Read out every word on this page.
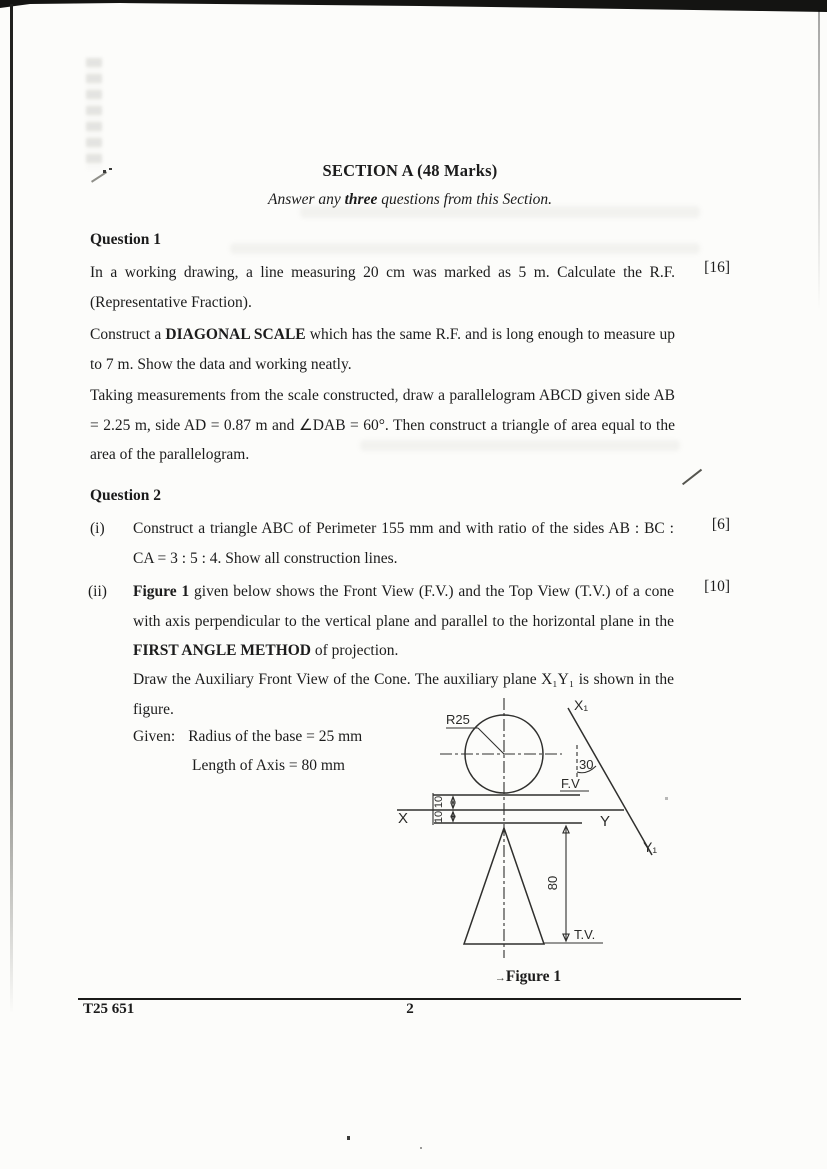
SECTION A (48 Marks)
Answer any three questions from this Section.
Question 1
In a working drawing, a line measuring 20 cm was marked as 5 m. Calculate the R.F. (Representative Fraction).
[16]
Construct a DIAGONAL SCALE which has the same R.F. and is long enough to measure up to 7 m. Show the data and working neatly.
Taking measurements from the scale constructed, draw a parallelogram ABCD given side AB = 2.25 m, side AD = 0.87 m and ∠DAB = 60°. Then construct a triangle of area equal to the area of the parallelogram.
Question 2
(i) Construct a triangle ABC of Perimeter 155 mm and with ratio of the sides AB : BC : CA = 3 : 5 : 4. Show all construction lines.
[6]
(ii) Figure 1 given below shows the Front View (F.V.) and the Top View (T.V.) of a cone with axis perpendicular to the vertical plane and parallel to the horizontal plane in the FIRST ANGLE METHOD of projection.
[10]
Draw the Auxiliary Front View of the Cone. The auxiliary plane X₁Y₁ is shown in the figure.
Given: Radius of the base = 25 mm
Length of Axis = 80 mm
R25
X₁
Y₁
30
F.V
X	Y
10
10
80
T.V.
→Figure 1
T25 651	2
